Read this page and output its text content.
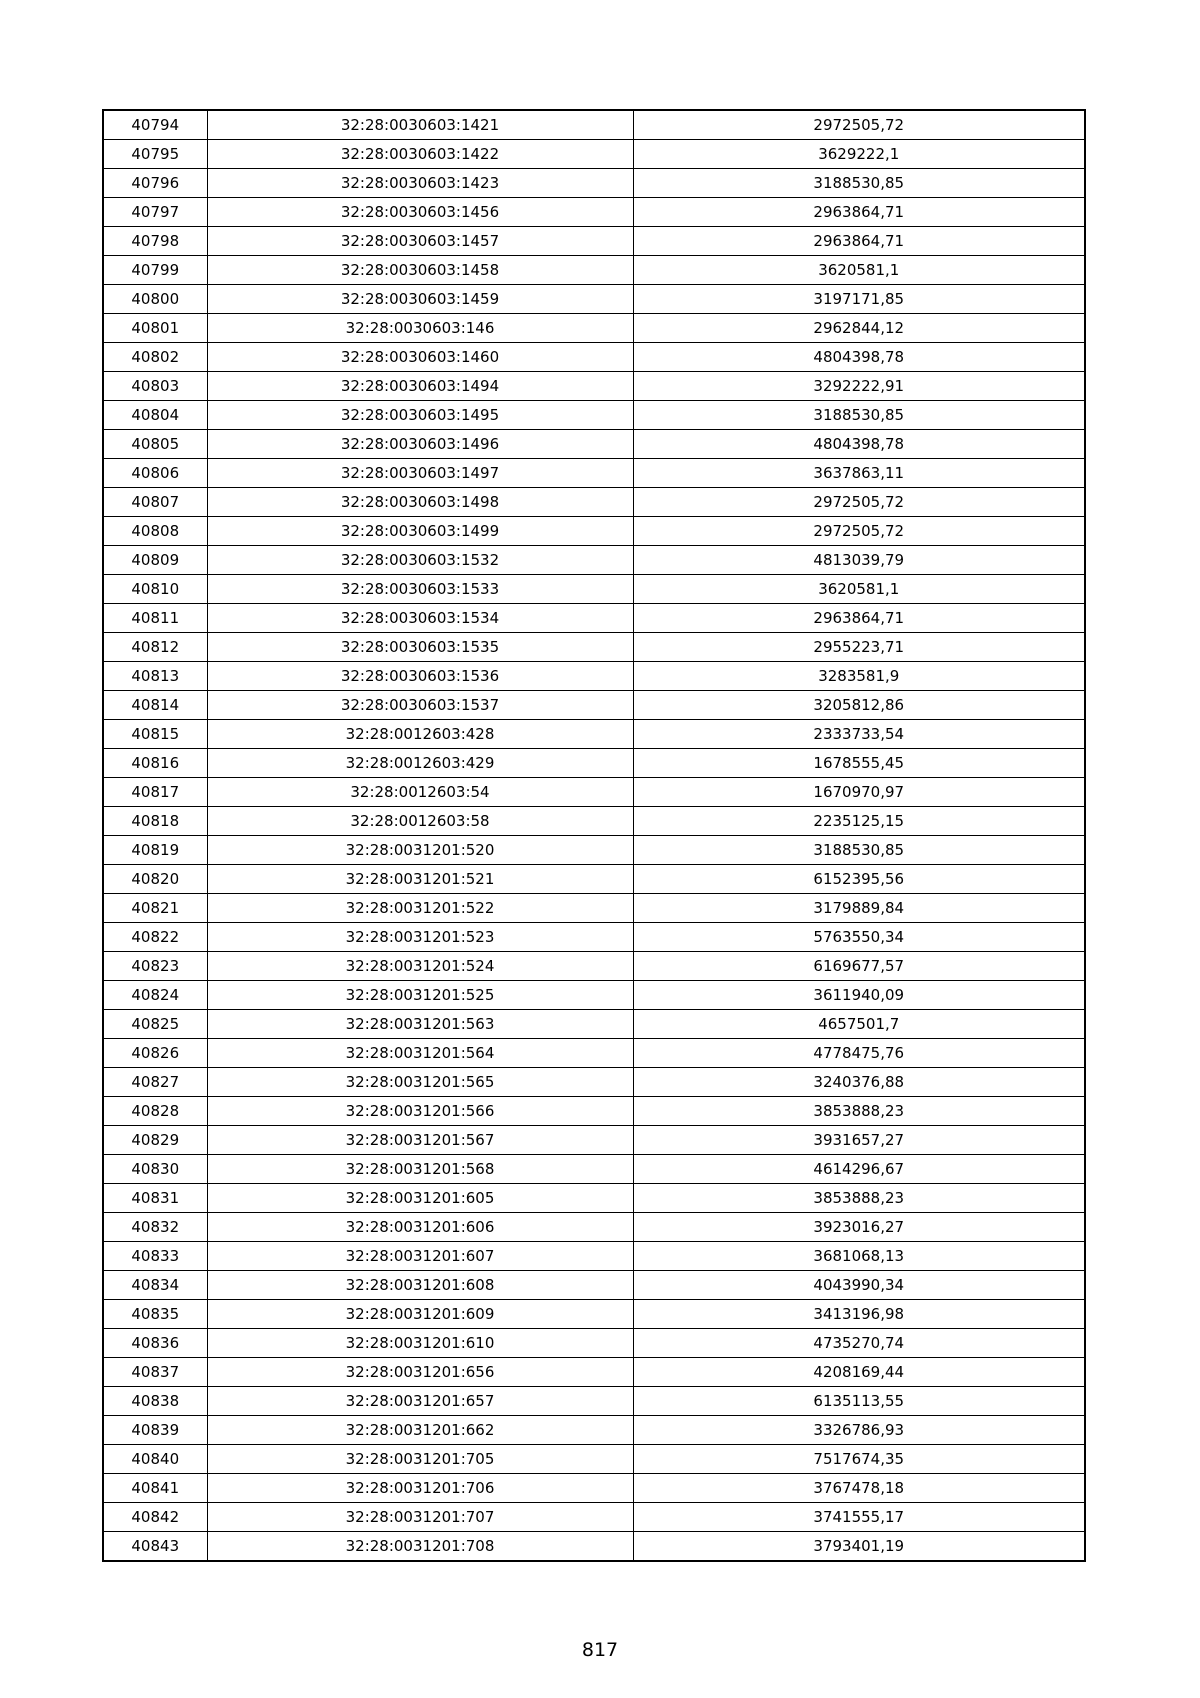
40794	32:28:0030603:1421	2972505,72
40795	32:28:0030603:1422	3629222,1
40796	32:28:0030603:1423	3188530,85
40797	32:28:0030603:1456	2963864,71
40798	32:28:0030603:1457	2963864,71
40799	32:28:0030603:1458	3620581,1
40800	32:28:0030603:1459	3197171,85
40801	32:28:0030603:146	2962844,12
40802	32:28:0030603:1460	4804398,78
40803	32:28:0030603:1494	3292222,91
40804	32:28:0030603:1495	3188530,85
40805	32:28:0030603:1496	4804398,78
40806	32:28:0030603:1497	3637863,11
40807	32:28:0030603:1498	2972505,72
40808	32:28:0030603:1499	2972505,72
40809	32:28:0030603:1532	4813039,79
40810	32:28:0030603:1533	3620581,1
40811	32:28:0030603:1534	2963864,71
40812	32:28:0030603:1535	2955223,71
40813	32:28:0030603:1536	3283581,9
40814	32:28:0030603:1537	3205812,86
40815	32:28:0012603:428	2333733,54
40816	32:28:0012603:429	1678555,45
40817	32:28:0012603:54	1670970,97
40818	32:28:0012603:58	2235125,15
40819	32:28:0031201:520	3188530,85
40820	32:28:0031201:521	6152395,56
40821	32:28:0031201:522	3179889,84
40822	32:28:0031201:523	5763550,34
40823	32:28:0031201:524	6169677,57
40824	32:28:0031201:525	3611940,09
40825	32:28:0031201:563	4657501,7
40826	32:28:0031201:564	4778475,76
40827	32:28:0031201:565	3240376,88
40828	32:28:0031201:566	3853888,23
40829	32:28:0031201:567	3931657,27
40830	32:28:0031201:568	4614296,67
40831	32:28:0031201:605	3853888,23
40832	32:28:0031201:606	3923016,27
40833	32:28:0031201:607	3681068,13
40834	32:28:0031201:608	4043990,34
40835	32:28:0031201:609	3413196,98
40836	32:28:0031201:610	4735270,74
40837	32:28:0031201:656	4208169,44
40838	32:28:0031201:657	6135113,55
40839	32:28:0031201:662	3326786,93
40840	32:28:0031201:705	7517674,35
40841	32:28:0031201:706	3767478,18
40842	32:28:0031201:707	3741555,17
40843	32:28:0031201:708	3793401,19
817
